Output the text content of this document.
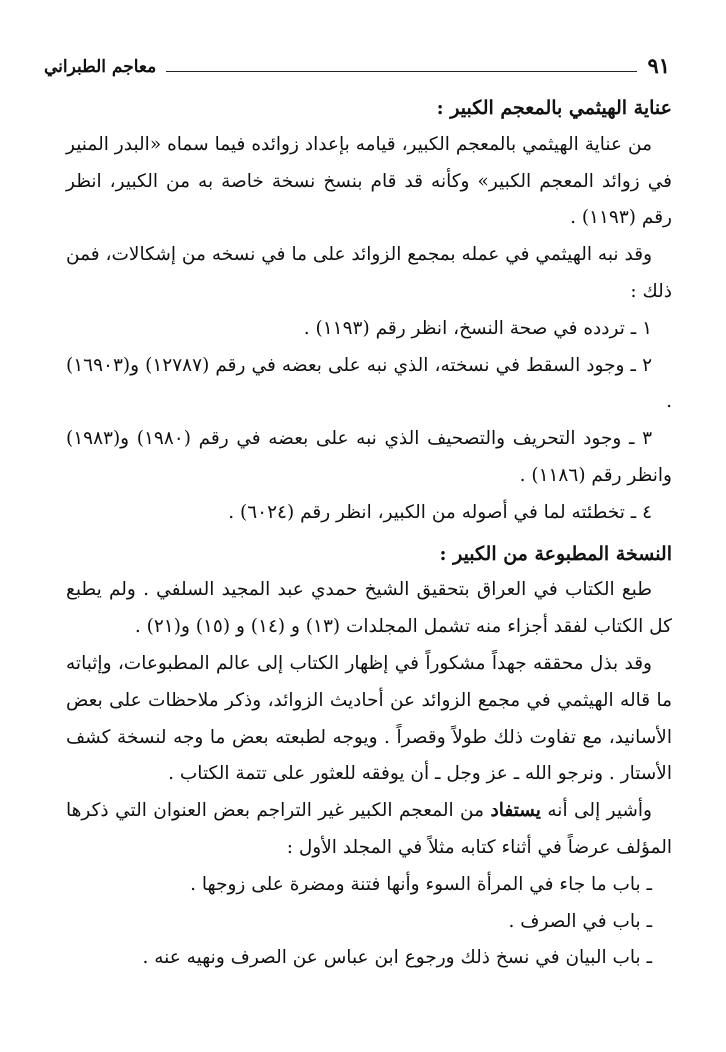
٩١
معاجم الطبراني

عناية الهيثمي بالمعجم الكبير :

من عناية الهيثمي بالمعجم الكبير، قيامه بإعداد زوائده فيما سماه «البدر المنير في زوائد المعجم الكبير» وكأنه قد قام بنسخ نسخة خاصة به من الكبير، انظر رقم (١١٩٣) .

وقد نبه الهيثمي في عمله بمجمع الزوائد على ما في نسخه من إشكالات، فمن ذلك :

١ ـ تردده في صحة النسخ، انظر رقم (١١٩٣) .

٢ ـ وجود السقط في نسخته، الذي نبه على بعضه في رقم (١٢٧٨٧) و(١٦٩٠٣) .

٣ ـ وجود التحريف والتصحيف الذي نبه على بعضه في رقم (١٩٨٠) و(١٩٨٣) وانظر رقم (١١٨٦) .

٤ ـ تخطئته لما في أصوله من الكبير، انظر رقم (٦٠٢٤) .

النسخة المطبوعة من الكبير :

طبع الكتاب في العراق بتحقيق الشيخ حمدي عبد المجيد السلفي . ولم يطبع كل الكتاب لفقد أجزاء منه تشمل المجلدات (١٣) و (١٤) و (١٥) و(٢١) .

وقد بذل محققه جهداً مشكوراً في إظهار الكتاب إلى عالم المطبوعات، وإثباته ما قاله الهيثمي في مجمع الزوائد عن أحاديث الزوائد، وذكر ملاحظات على بعض الأسانيد، مع تفاوت ذلك طولاً وقصراً . ويوجه لطبعته بعض ما وجه لنسخة كشف الأستار . ونرجو الله ـ عز وجل ـ أن يوفقه للعثور على تتمة الكتاب .

وأشير إلى أنه يستفاد من المعجم الكبير غير التراجم بعض العنوان التي ذكرها المؤلف عرضاً في أثناء كتابه مثلاً في المجلد الأول :

ـ باب ما جاء في المرأة السوء وأنها فتنة ومضرة على زوجها .

ـ باب في الصرف .

ـ باب البيان في نسخ ذلك ورجوع ابن عباس عن الصرف ونهيه عنه .
